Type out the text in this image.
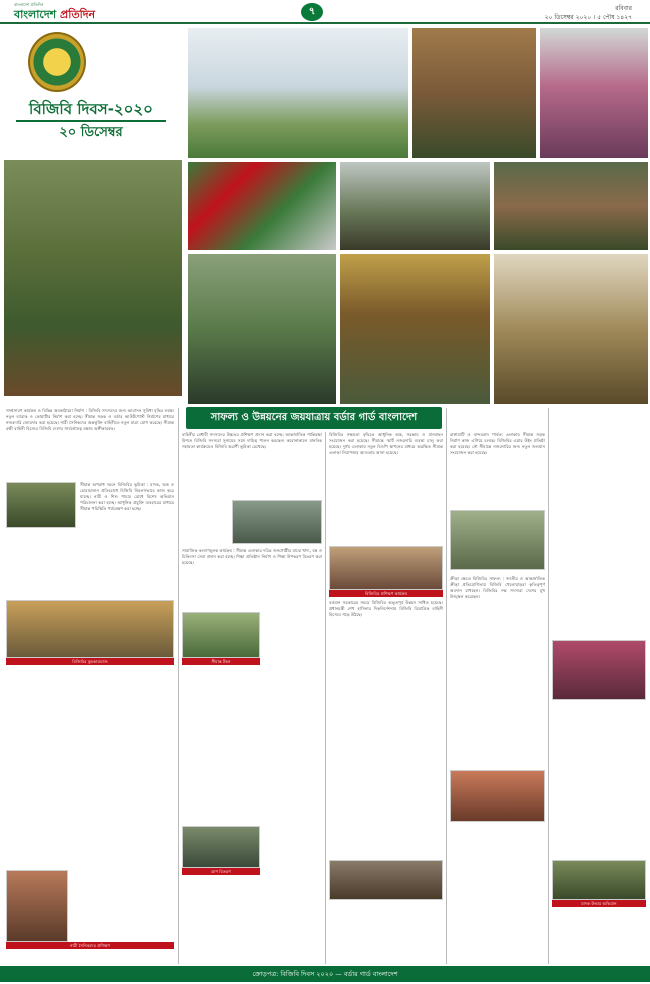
বাংলাদেশ প্রতিদিন
বাংলাদেশ প্রতিদিন	৭	রবিবার
২০ ডিসেম্বর ২০২০ । ৫ পৌষ ১৪২৭
বিজিবি দিবস-২০২০
২০ ডিসেম্বর
সাফল্য ও উন্নয়নের জয়যাত্রায় বর্ডার গার্ড বাংলাদেশ

সম্প্রসারণ কার্যক্রম ও বিভিন্ন অবকাঠামো নির্মাণ : বিজিবি সদস্যদের জন্য আবাসন সুবিধা বৃদ্ধির লক্ষ্যে নতুন ব্যারাক ও কোয়ার্টার নির্মাণ করা হচ্ছে। সীমান্ত সড়ক ও বর্ডার আউটপোস্ট নির্মাণের মাধ্যমে নজরদারি জোরদার করা হয়েছে। নারী সৈনিকদের অন্তর্ভুক্তি বাহিনীতে নতুন মাত্রা যোগ করেছে। সীমান্ত রক্ষী বাহিনী হিসেবে বিজিবি দেশের সার্বভৌমত্ব রক্ষায় অঙ্গীকারবদ্ধ।

সীমান্ত অপরাধ দমনে বিজিবির ভূমিকা : মাদক, অস্ত্র ও চোরাচালান প্রতিরোধে বিজিবি নিরলসভাবে কাজ করে যাচ্ছে। নারী ও শিশু পাচার রোধে বিশেষ অভিযান পরিচালনা করা হচ্ছে। আধুনিক প্রযুক্তি ব্যবহারের মাধ্যমে সীমান্ত পরিস্থিতি পর্যবেক্ষণ করা হচ্ছে।

বিজিবির কুচকাওয়াজ
নারী সৈনিকদের প্রশিক্ষণ

বাহিনীর মেধাবী সদস্যদের উচ্চতর প্রশিক্ষণ প্রদান করা হচ্ছে। আন্তর্জাতিক শান্তিরক্ষা মিশনে বিজিবি সদস্যরা সুনামের সঙ্গে দায়িত্ব পালন করছেন। করোনাকালে মানবিক সহায়তা কার্যক্রমেও বিজিবি অগ্রণী ভূমিকা রেখেছে।

সামাজিক কল্যাণমূলক কার্যক্রম : সীমান্ত এলাকার দরিদ্র জনগোষ্ঠীর মাঝে খাদ্য, বস্ত্র ও চিকিৎসা সেবা প্রদান করা হচ্ছে। শিক্ষা প্রতিষ্ঠান নির্মাণ ও শিক্ষা উপকরণ বিতরণ করা হয়েছে।

সীমান্ত টহল
ত্রাণ বিতরণ

বিজিবির সক্ষমতা বৃদ্ধিতে আধুনিক অস্ত্র, সরঞ্জাম ও যানবাহন সংযোজন করা হয়েছে। সীমান্তে স্মার্ট নজরদারি ব্যবস্থা চালু করা হয়েছে। দুর্গম এলাকায় নতুন বিওপি স্থাপনের মাধ্যমে অরক্ষিত সীমান্ত এলাকা নিরাপত্তার আওতায় আনা হয়েছে।

বিজিবির প্রশিক্ষণ কার্যক্রম

বর্তমান সরকারের সময়ে বিজিবির অভূতপূর্ব উন্নয়ন সাধিত হয়েছে। প্রধানমন্ত্রী শেখ হাসিনার দিকনির্দেশনায় বিজিবি ত্রিমাত্রিক বাহিনী হিসেবে গড়ে উঠছে।

রাঙ্গামাটি ও বান্দরবান পার্বত্য এলাকায় সীমান্ত সড়ক নির্মাণ কাজ এগিয়ে চলছে। বিজিবির এয়ার উইং প্রতিষ্ঠা করা হয়েছে। নৌ সীমান্তে নজরদারির জন্য নতুন জলযান সংযোজন করা হয়েছে।

ক্রীড়া ক্ষেত্রে বিজিবির সাফল্য : জাতীয় ও আন্তর্জাতিক ক্রীড়া প্রতিযোগিতায় বিজিবি খেলোয়াড়রা কৃতিত্বপূর্ণ অবদান রাখছেন। বিজিবির দক্ষ সদস্যরা দেশের মুখ উজ্জ্বল করেছেন।

মাদক উদ্ধার অভিযান
ক্রোড়পত্র: বিজিবি দিবস ২০২০ — বর্ডার গার্ড বাংলাদেশ
